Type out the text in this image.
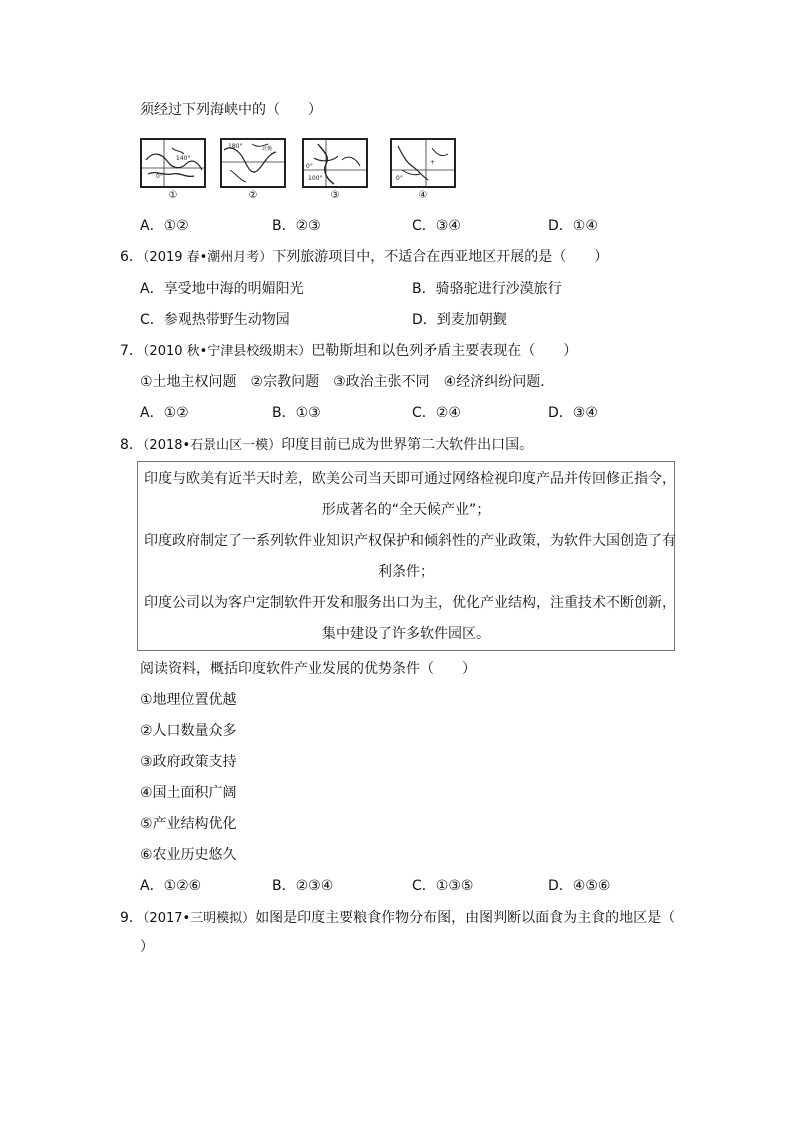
须经过下列海峡中的（　　）
140°
0°
①
180°	北极
②
100°
0°
③
0°
+
④
A．①②	B．②③	C．③④	D．①④
6．（2019 春•潮州月考）下列旅游项目中，不适合在西亚地区开展的是（　　）
A．享受地中海的明媚阳光	B．骑骆驼进行沙漠旅行
C．参观热带野生动物园	D．到麦加朝觐
7．（2010 秋•宁津县校级期末）巴勒斯坦和以色列矛盾主要表现在（　　）
①土地主权问题　②宗教问题　③政治主张不同　④经济纠纷问题．
A．①②	B．①③	C．②④	D．③④
8．（2018•石景山区一模）印度目前已成为世界第二大软件出口国。
印度与欧美有近半天时差，欧美公司当天即可通过网络检视印度产品并传回修正指令，
形成著名的“全天候产业”；
印度政府制定了一系列软件业知识产权保护和倾斜性的产业政策，为软件大国创造了有
利条件；
印度公司以为客户定制软件开发和服务出口为主，优化产业结构，注重技术不断创新，
集中建设了许多软件园区。
阅读资料，概括印度软件产业发展的优势条件（　　）
①地理位置优越
②人口数量众多
③政府政策支持
④国土面积广阔
⑤产业结构优化
⑥农业历史悠久
A．①②⑥	B．②③④	C．①③⑤	D．④⑤⑥
9．（2017•三明模拟）如图是印度主要粮食作物分布图，由图判断以面食为主食的地区是（
）
